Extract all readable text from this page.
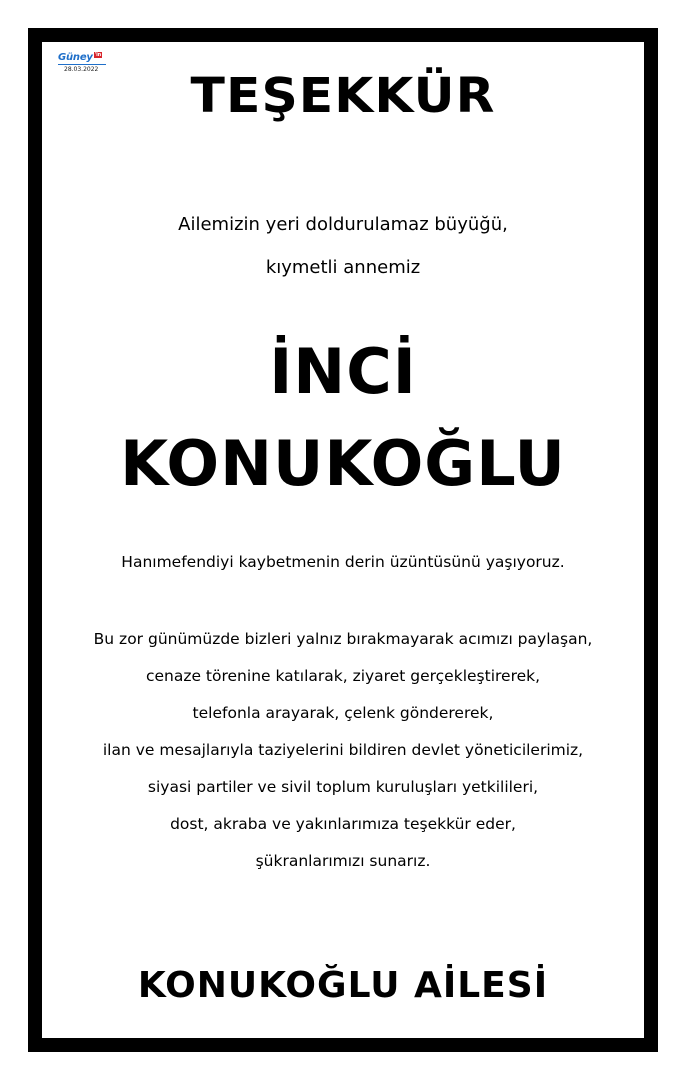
Güney 'in
28.03.2022	TEŞEKKÜR
Ailemizin yeri doldurulamaz büyüğü,
kıymetli annemiz
İNCİ
KONUKOĞLU
Hanımefendiyi kaybetmenin derin üzüntüsünü yaşıyoruz.
Bu zor günümüzde bizleri yalnız bırakmayarak acımızı paylaşan,
cenaze törenine katılarak, ziyaret gerçekleştirerek,
telefonla arayarak, çelenk göndererek,
ilan ve mesajlarıyla taziyelerini bildiren devlet yöneticilerimiz,
siyasi partiler ve sivil toplum kuruluşları yetkilileri,
dost, akraba ve yakınlarımıza teşekkür eder,
şükranlarımızı sunarız.
KONUKOĞLU AİLESİ
